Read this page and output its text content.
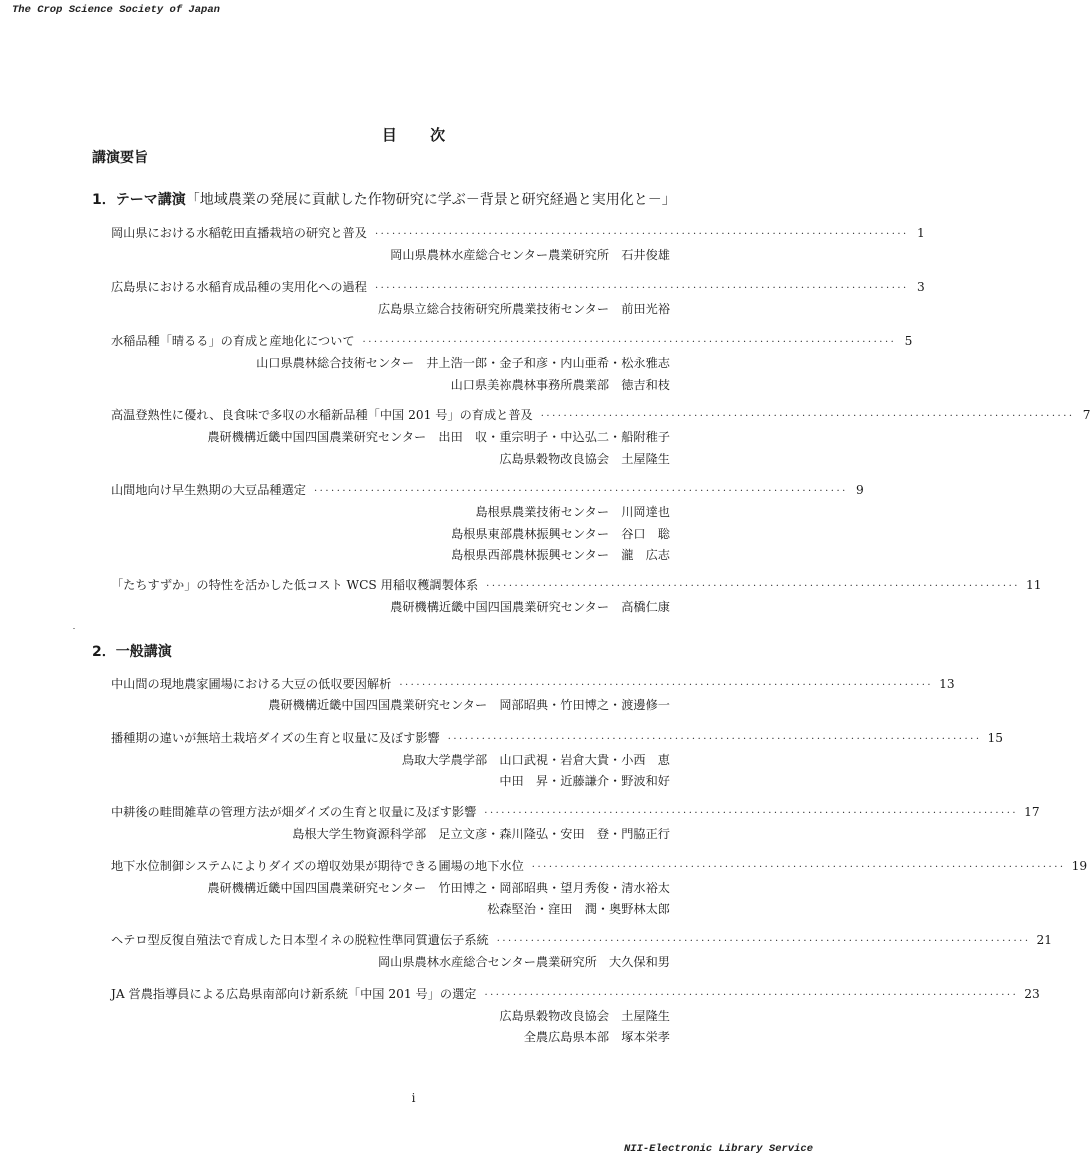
The Crop Science Society of Japan
目 次
講演要旨
1．テーマ講演「地域農業の発展に貢献した作物研究に学ぶ－背景と研究経過と実用化と－」
2．一般講演
岡山県における水稲乾田直播栽培の研究と普及 ······························································································ 1
岡山県農林水産総合センター農業研究所　石井俊雄
広島県における水稲育成品種の実用化への過程 ······························································································ 3
広島県立総合技術研究所農業技術センター　前田光裕
水稲品種「晴るる」の育成と産地化について ······························································································ 5
山口県農林総合技術センター　井上浩一郎・金子和彦・内山亜希・松永雅志
山口県美祢農林事務所農業部　徳吉和枝
高温登熟性に優れ、良食味で多収の水稲新品種「中国 201 号」の育成と普及 ······························································································ 7
農研機構近畿中国四国農業研究センター　出田　収・重宗明子・中込弘二・船附稚子
広島県穀物改良協会　土屋隆生
山間地向け早生熟期の大豆品種選定 ······························································································ 9
島根県農業技術センター　川岡達也
島根県東部農林振興センター　谷口　聡
島根県西部農林振興センター　瀧　広志
「たちすずか」の特性を活かした低コスト WCS 用稲収穫調製体系 ······························································································ 11
農研機構近畿中国四国農業研究センター　高橋仁康
中山間の現地農家圃場における大豆の低収要因解析 ······························································································ 13
農研機構近畿中国四国農業研究センター　岡部昭典・竹田博之・渡邊修一
播種期の違いが無培土栽培ダイズの生育と収量に及ぼす影響 ······························································································ 15
鳥取大学農学部　山口武視・岩倉大貴・小西　恵
中田　昇・近藤謙介・野波和好
中耕後の畦間雑草の管理方法が畑ダイズの生育と収量に及ぼす影響 ······························································································ 17
島根大学生物資源科学部　足立文彦・森川隆弘・安田　登・門脇正行
地下水位制御システムによりダイズの増収効果が期待できる圃場の地下水位 ······························································································ 19
農研機構近畿中国四国農業研究センター　竹田博之・岡部昭典・望月秀俊・清水裕太
松森堅治・窪田　潤・奥野林太郎
ヘテロ型反復自殖法で育成した日本型イネの脱粒性準同質遺伝子系統 ······························································································ 21
岡山県農林水産総合センター農業研究所　大久保和男
JA 営農指導員による広島県南部向け新系統「中国 201 号」の選定 ······························································································ 23
広島県穀物改良協会　土屋隆生
全農広島県本部　塚本栄孝
i
NII-Electronic Library Service
